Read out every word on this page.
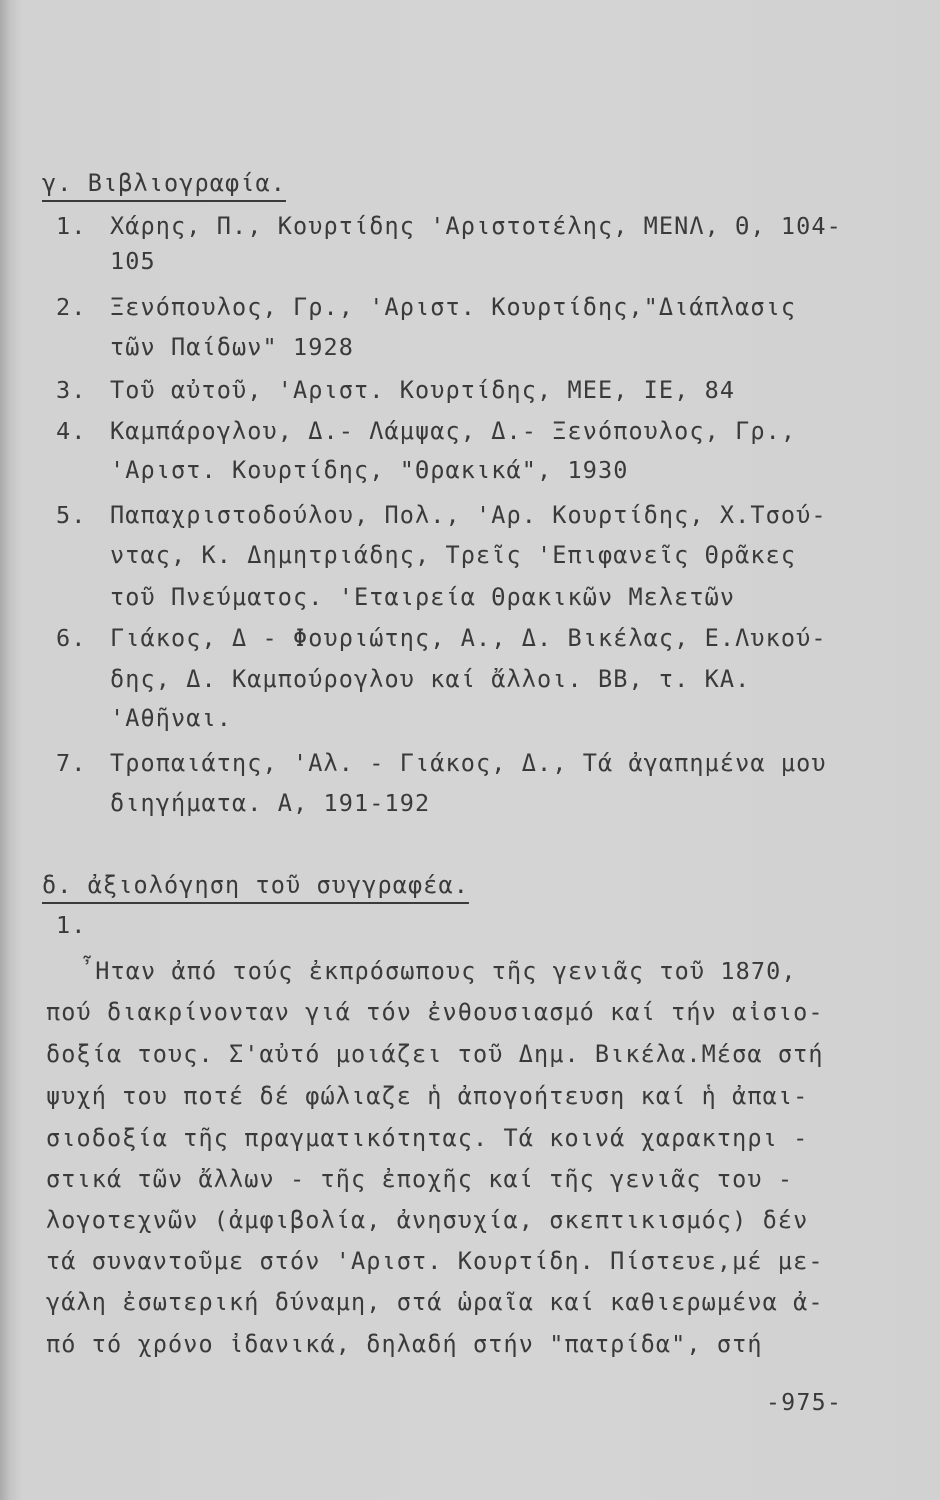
γ. Βιβλιογραφία.
1. Χάρης, Π., Κουρτίδης 'Αριστοτέλης, ΜΕΝΛ, Θ, 104-
105
2. Ξενόπουλος, Γρ., 'Αριστ. Κουρτίδης,"Διάπλασις
τῶν Παίδων" 1928
3. Τοῦ αὐτοῦ, 'Αριστ. Κουρτίδης, ΜΕΕ, ΙΕ, 84
4. Καμπάρογλου, Δ.- Λάμψας, Δ.- Ξενόπουλος, Γρ.,
'Αριστ. Κουρτίδης, "Θρακικά", 1930
5. Παπαχριστοδούλου, Πολ., 'Αρ. Κουρτίδης, Χ.Τσού-
ντας, Κ. Δημητριάδης, Τρεῖς 'Επιφανεῖς Θρᾶκες
τοῦ Πνεύματος. 'Εταιρεία Θρακικῶν Μελετῶν
6. Γιάκος, Δ - Φουριώτης, Α., Δ. Βικέλας, Ε.Λυκού-
δης, Δ. Καμπούρογλου καί ἄλλοι. ΒΒ, τ. ΚΑ.
'Αθῆναι.
7. Τροπαιάτης, 'Αλ. - Γιάκος, Δ., Τά ἀγαπημένα μου
διηγήματα. Α, 191-192
δ. ἀξιολόγηση τοῦ συγγραφέα.
1.
῏Ηταν ἀπό τούς ἐκπρόσωπους τῆς γενιᾶς τοῦ 1870,
πού διακρίνονταν γιά τόν ἐνθουσιασμό καί τήν αἰσιο-
δοξία τους. Σ'αὐτό μοιάζει τοῦ Δημ. Βικέλα.Μέσα στή
ψυχή του ποτέ δέ φώλιαζε ἡ ἀπογοήτευση καί ἡ ἀπαι-
σιοδοξία τῆς πραγματικότητας. Τά κοινά χαρακτηρι -
στικά τῶν ἄλλων - τῆς ἐποχῆς καί τῆς γενιᾶς του -
λογοτεχνῶν (ἀμφιβολία, ἀνησυχία, σκεπτικισμός) δέν
τά συναντοῦμε στόν 'Αριστ. Κουρτίδη. Πίστευε,μέ με-
γάλη ἐσωτερική δύναμη, στά ὡραῖα καί καθιερωμένα ἀ-
πό τό χρόνο ἰδανικά, δηλαδή στήν "πατρίδα", στή
-975-
